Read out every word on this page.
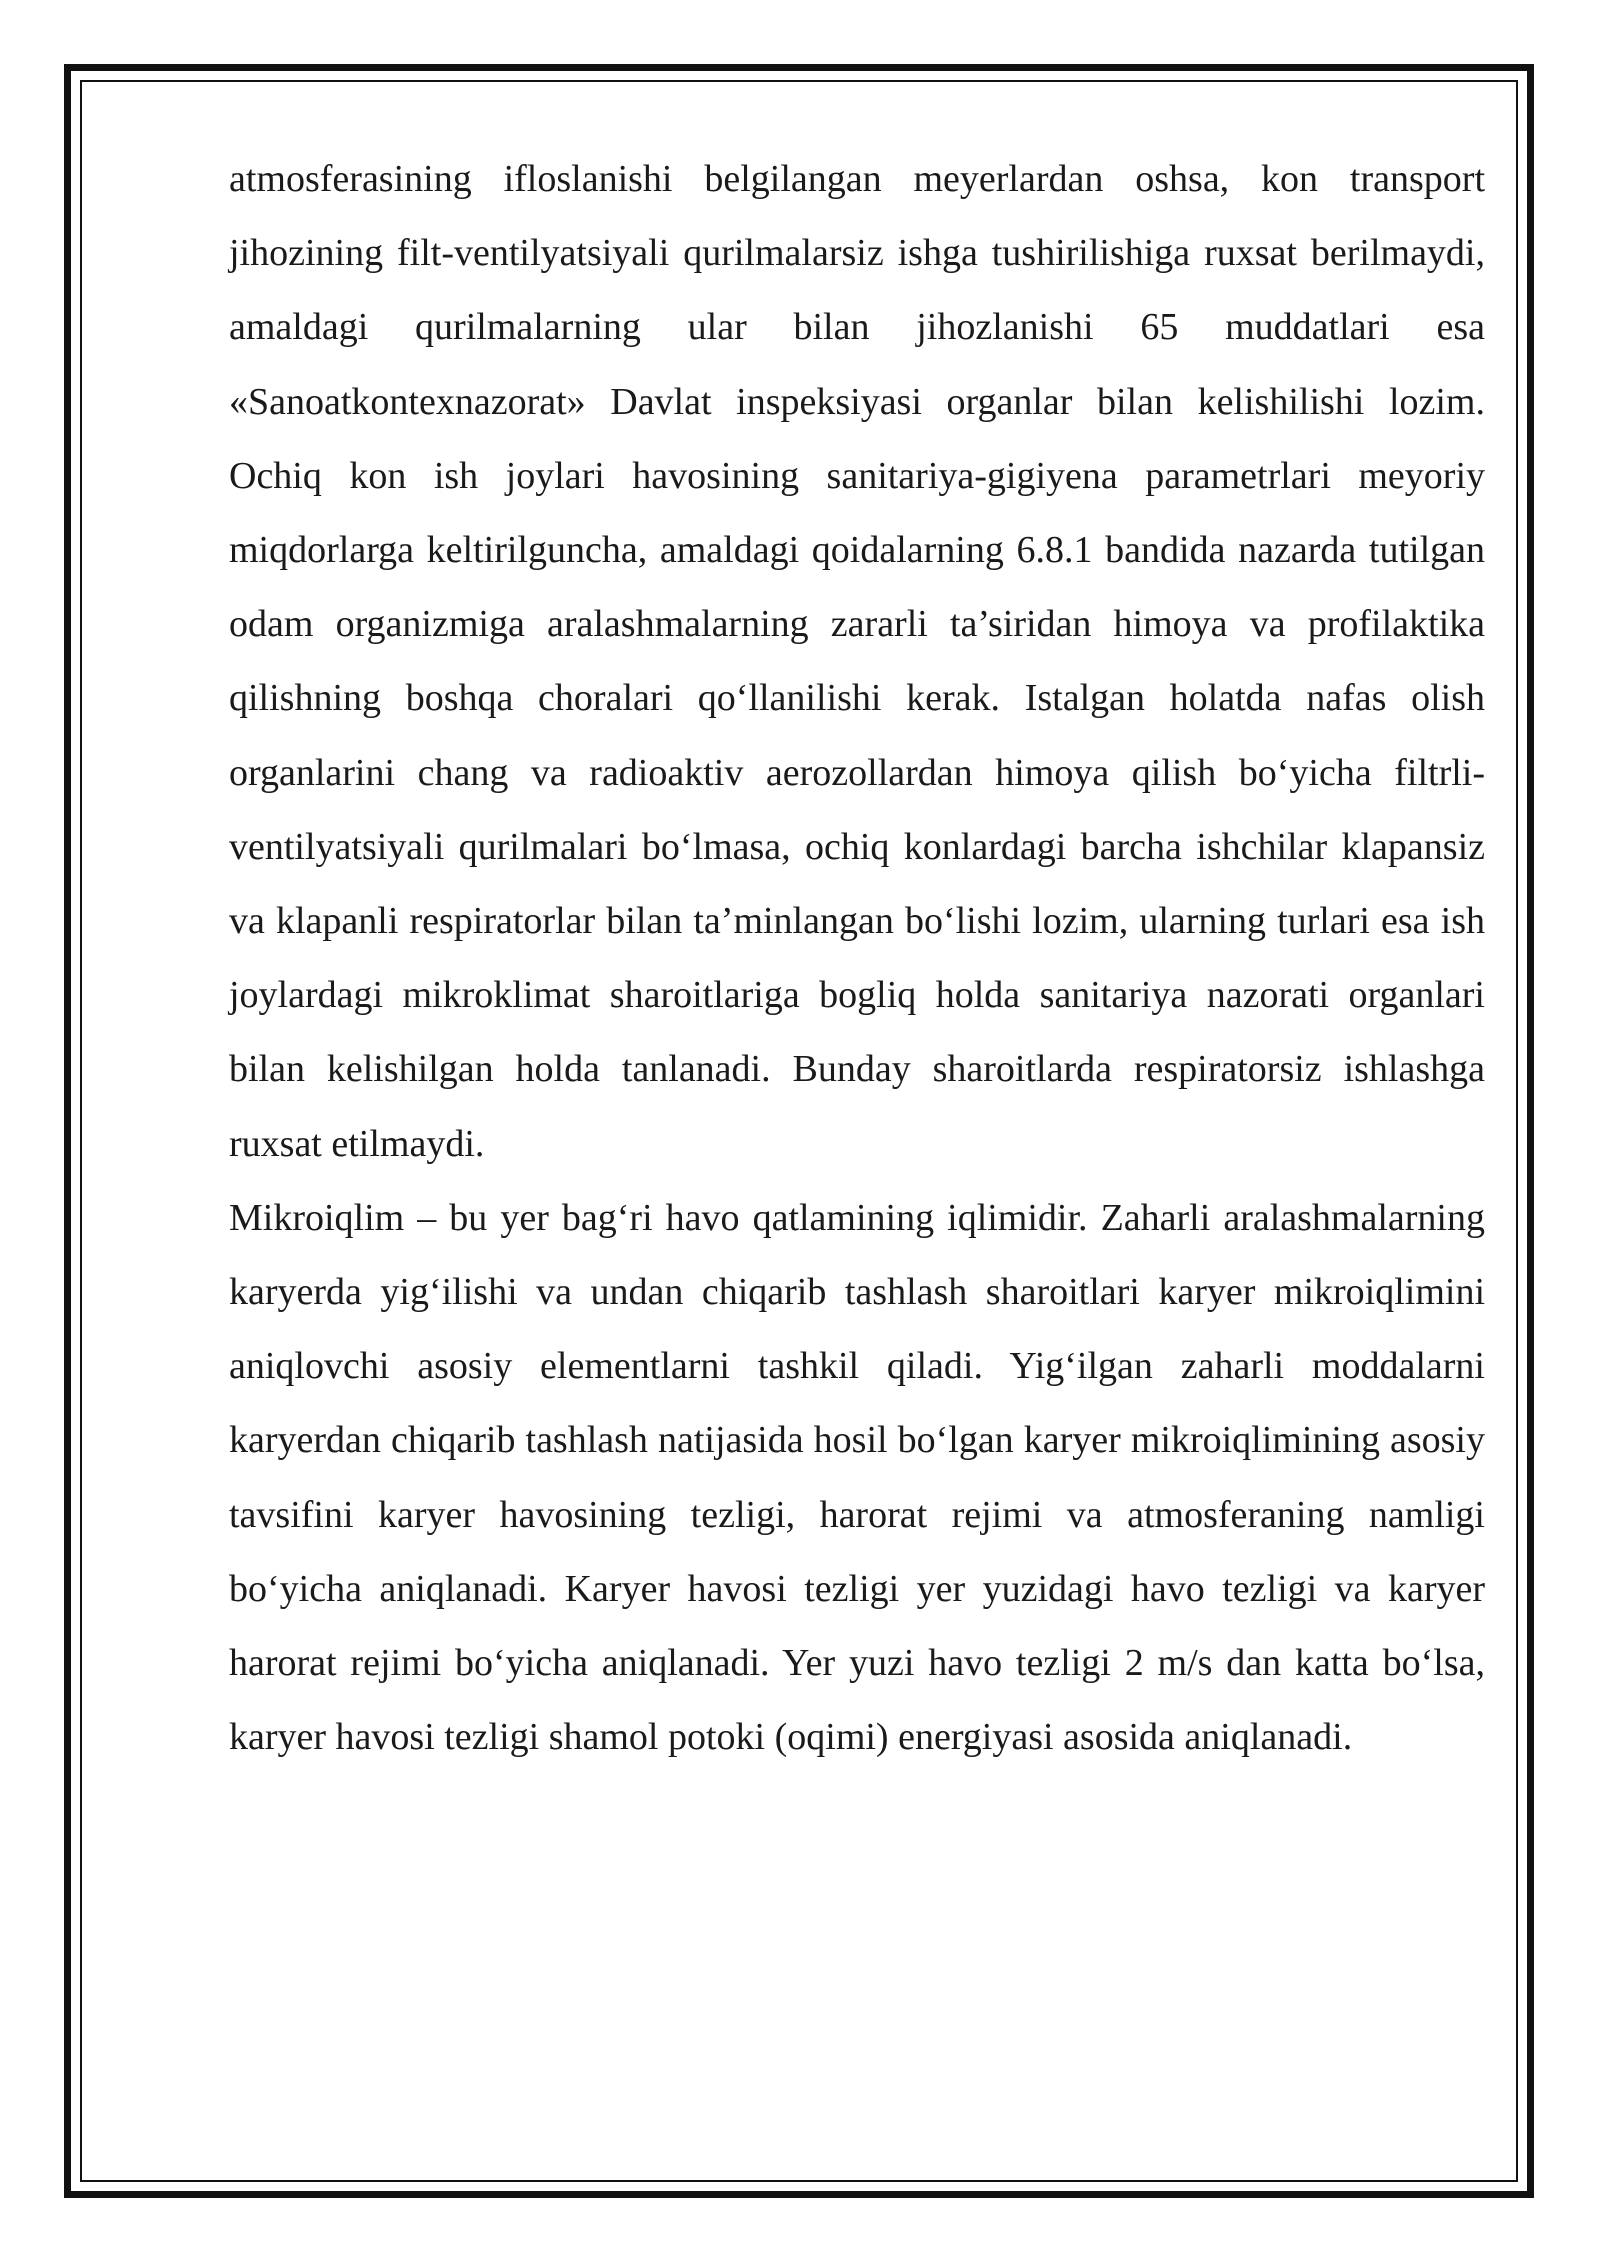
atmosferasining ifloslanishi belgilangan meyerlardan oshsa, kon transport jihozining filt-ventilyatsiyali qurilmalarsiz ishga tushirilishiga ruxsat berilmaydi, amaldagi qurilmalarning ular bilan jihozlanishi 65 muddatlari esa «Sanoatkontexnazorat» Davlat inspeksiyasi organlar bilan kelishilishi lozim. Ochiq kon ish joylari havosining sanitariya-gigiyena parametrlari meyoriy miqdorlarga keltirilguncha, amaldagi qoidalarning 6.8.1 bandida nazarda tutilgan odam organizmiga aralashmalarning zararli ta’siridan himoya va profilaktika qilishning boshqa choralari qo‘llanilishi kerak. Istalgan holatda nafas olish organlarini chang va radioaktiv aerozollardan himoya qilish bo‘yicha filtrli-ventilyatsiyali qurilmalari bo‘lmasa, ochiq konlardagi barcha ishchilar klapansiz va klapanli respiratorlar bilan ta’minlangan bo‘lishi lozim, ularning turlari esa ish joylardagi mikroklimat sharoitlariga bogliq holda sanitariya nazorati organlari bilan kelishilgan holda tanlanadi. Bunday sharoitlarda respiratorsiz ishlashga ruxsat etilmaydi.

Mikroiqlim – bu yer bag‘ri havo qatlamining iqlimidir. Zaharli aralashmalarning karyerda yig‘ilishi va undan chiqarib tashlash sharoitlari karyer mikroiqlimini aniqlovchi asosiy elementlarni tashkil qiladi. Yig‘ilgan zaharli moddalarni karyerdan chiqarib tashlash natijasida hosil bo‘lgan karyer mikroiqlimining asosiy tavsifini karyer havosining tezligi, harorat rejimi va atmosferaning namligi bo‘yicha aniqlanadi. Karyer havosi tezligi yer yuzidagi havo tezligi va karyer harorat rejimi bo‘yicha aniqlanadi. Yer yuzi havo tezligi 2 m/s dan katta bo‘lsa, karyer havosi tezligi shamol potoki (oqimi) energiyasi asosida aniqlanadi.
